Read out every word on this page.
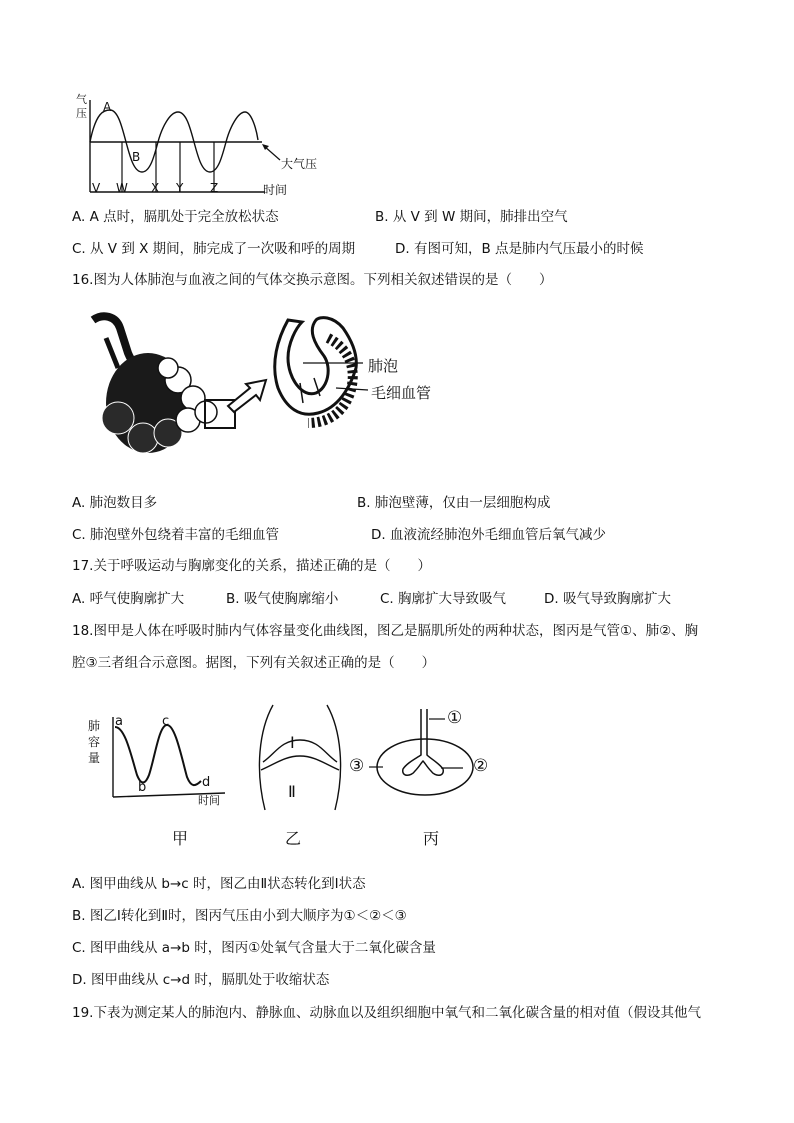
气压 A
B	大气压
V W X Y Z	时间
A. A 点时，膈肌处于完全放松状态	B. 从 V 到 W 期间，肺排出空气
C. 从 V 到 X 期间，肺完成了一次吸和呼的周期	D. 有图可知，B 点是肺内气压最小的时候
16.图为人体肺泡与血液之间的气体交换示意图。下列相关叙述错误的是（　　）
肺泡
毛细血管
A. 肺泡数目多	B. 肺泡壁薄，仅由一层细胞构成
C. 肺泡壁外包绕着丰富的毛细血管	D. 血液流经肺泡外毛细血管后氧气减少
17.关于呼吸运动与胸廓变化的关系，描述正确的是（　　）
A. 呼气使胸廓扩大	B. 吸气使胸廓缩小	C. 胸廓扩大导致吸气	D. 吸气导致胸廓扩大
18.图甲是人体在呼吸时肺内气体容量变化曲线图，图乙是膈肌所处的两种状态，图丙是气管①、肺②、胸
腔③三者组合示意图。据图，下列有关叙述正确的是（　　）
肺容量
a
b
c
d
时间
Ⅰ
Ⅱ
①
②
③
甲	乙	丙
A. 图甲曲线从 b→c 时，图乙由Ⅱ状态转化到Ⅰ状态
B. 图乙Ⅰ转化到Ⅱ时，图丙气压由小到大顺序为①＜②＜③
C. 图甲曲线从 a→b 时，图丙①处氧气含量大于二氧化碳含量
D. 图甲曲线从 c→d 时，膈肌处于收缩状态
19.下表为测定某人的肺泡内、静脉血、动脉血以及组织细胞中氧气和二氧化碳含量的相对值（假设其他气
